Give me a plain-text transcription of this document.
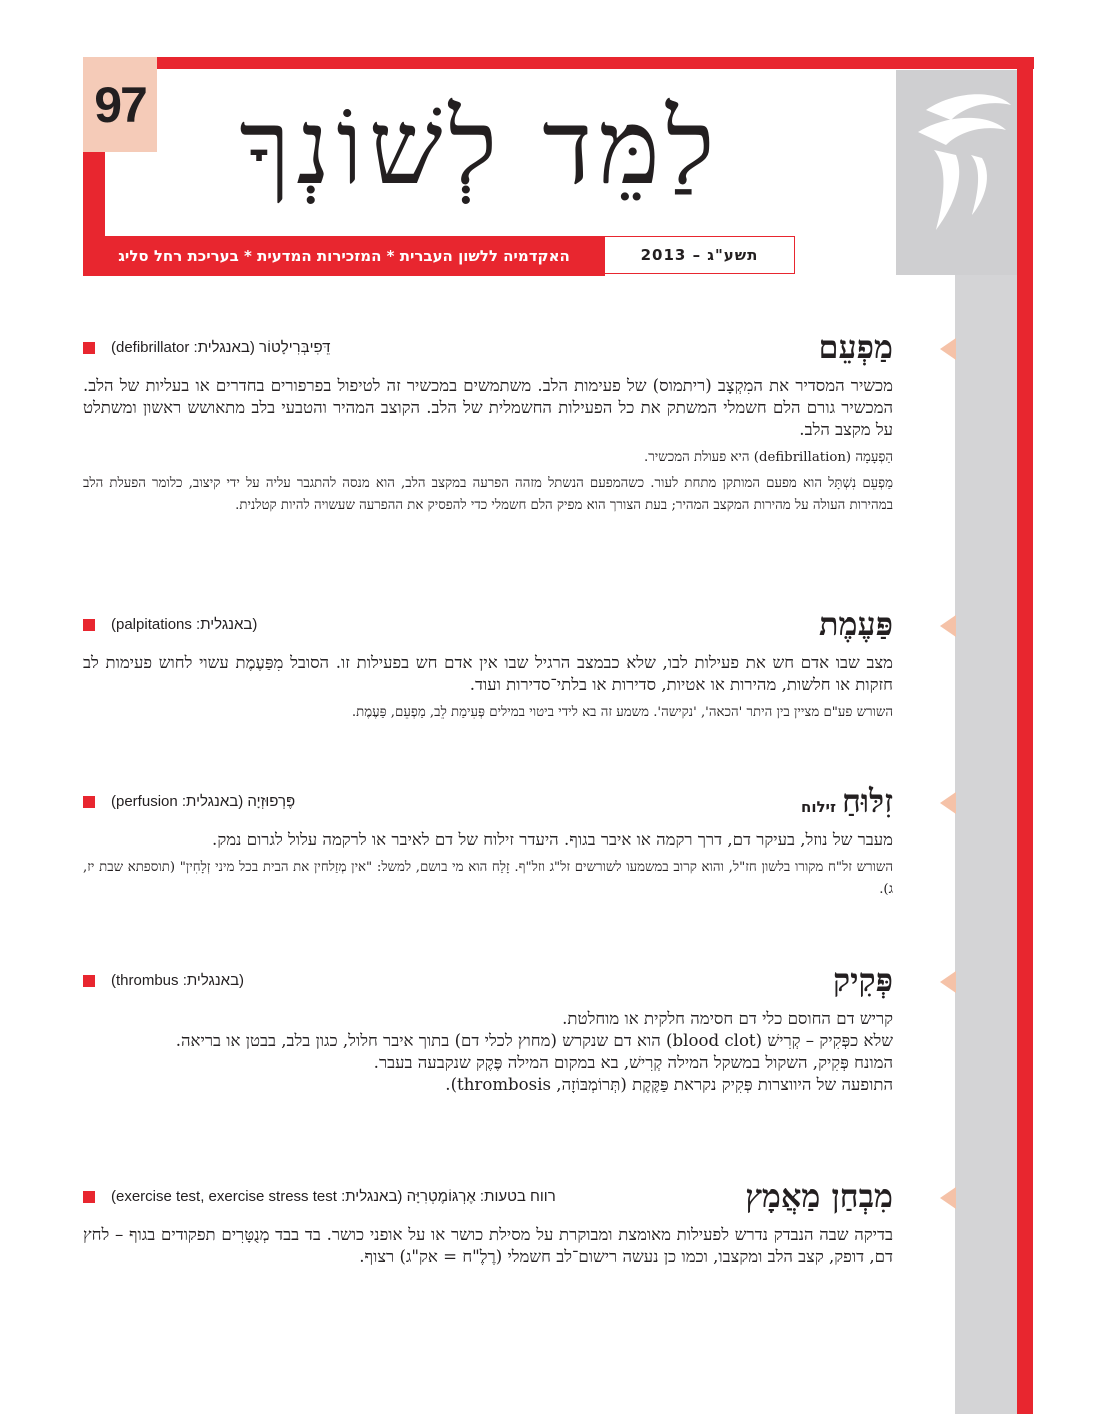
97 לַמֵּד לְשׁוֹנְךָ
האקדמיה ללשון העברית * המזכירות המדעית * בעריכת רחל סליג	תשע"ג – 2013
מַפְעֵם
דֵּפִיבְּרִילָטוֹר (באנגלית: defibrillator)

מכשיר המסדיר את המִקְצָב (ריתמוס) של פעימות הלב. משתמשים במכשיר זה לטיפול בפרפורים בחדרים או בעליות של הלב. המכשיר גורם הלם חשמלי המשתק את כל הפעילות החשמלית של הלב. הקוצב המהיר והטבעי בלב מתאושש ראשון ומשתלט על מקצב הלב.

הַפְעָמָה (defibrillation) היא פעולת המכשיר.

מַפְעֵם נִשְׁתָּל הוא מפעם המותקן מתחת לעור. כשהמפעם הנשתל מזהה הפרעה במקצב הלב, הוא מנסה להתגבר עליה על ידי קיצוב, כלומר הפעלת הלב במהירות העולה על מהירות המקצב המהיר; בעת הצורך הוא מפיק הלם חשמלי כדי להפסיק את ההפרעה שעשויה להיות קטלנית.

פַּעֶמֶת
(באנגלית: palpitations)

מצב שבו אדם חש את פעילות לבו, שלא כבמצב הרגיל שבו אין אדם חש בפעילות זו. הסובל מִפַּעֶמֶת עשוי לחוש פעימות לב חזקות או חלשות, מהירות או אטיות, סדירות או בלתי־סדירות ועוד.

השורש פע"ם מציין בין היתר 'הכאה', 'נקישה'. משמע זה בא לידי ביטוי במילים פְּעִימַת לֵב, מַפְעֵם, פַּעֶמֶת.

זִלּוּחַזילוח
פֶּרְפוּזְיָה (באנגלית: perfusion)

מעבר של נוזל, בעיקר דם, דרך רקמה או איבר בגוף. היעדר זילוח של דם לאיבר או לרקמה עלול לגרום נמק.

השורש זל"ח מקורו בלשון חז"ל, והוא קרוב במשמעו לשורשים זל"ג וזל"ף. זָלַח הוא מי בושם, למשל: "אין מְזַלחין את הבית בכל מיני זְלָחִין" (תוספתא שבת יז, ג).

פְּקִיק
(באנגלית: thrombus)

קריש דם החוסם כלי דם חסימה חלקית או מוחלטת.

שלא כפְּקִיק – קְרִישׁ (blood clot) הוא דם שנקרש (מחוץ לכלי דם) בתוך איבר חלול, כגון בלב, בבטן או בריאה.

המונח פְּקִיק, השקול במשקל המילה קְרִישׁ, בא במקום המילה פֶּקֶק שנקבעה בעבר.

התופעה של היווצרות פְּקִיק נקראת פַּקֶּקֶת (תְּרוֹמְבּוֹזָה, thrombosis).

מִבְחַן מַאֲמָץ
רווח בטעות: אֶרְגּוֹמֶטְרִיָּה (באנגלית: exercise test, exercise stress test)

בדיקה שבה הנבדק נדרש לפעילות מאומצת ומבוקרת על מסילת כושר או על אופני כושר. בד בבד מְנֻטָּרִים תפקודים בגוף – לחץ דם, דופק, קצב הלב ומקצבו, וכמו כן נעשה רישום־לב חשמלי (רֶלֶ"ח = אק"ג) רצוף.
